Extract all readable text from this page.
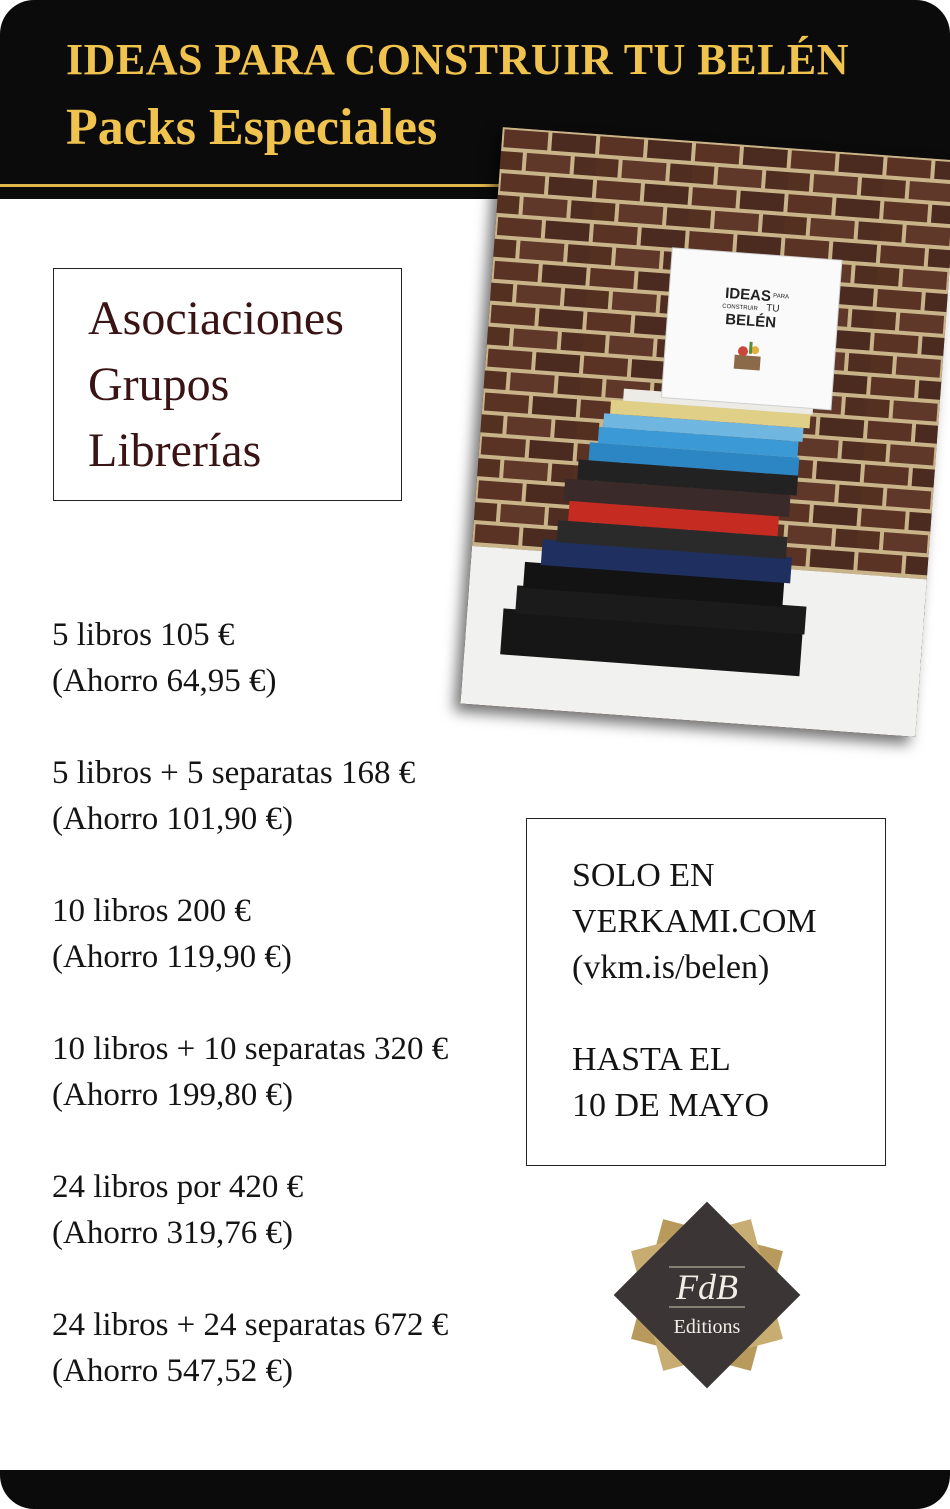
IDEAS PARA CONSTRUIR TU BELÉN
Packs Especiales
Asociaciones
Grupos
Librerías
IDEAS PARA
CONSTRUIR TU
BELÉN
5 libros 105 €
(Ahorro 64,95 €)
5 libros + 5 separatas 168 €
(Ahorro 101,90 €)
10 libros 200 €
(Ahorro 119,90 €)
10 libros + 10 separatas 320 €
(Ahorro 199,80 €)
24 libros por 420 €
(Ahorro 319,76 €)
24 libros + 24 separatas 672 €
(Ahorro 547,52 €)
SOLO EN
VERKAMI.COM
(vkm.is/belen)
HASTA EL
10 DE MAYO
FdB
Editions
